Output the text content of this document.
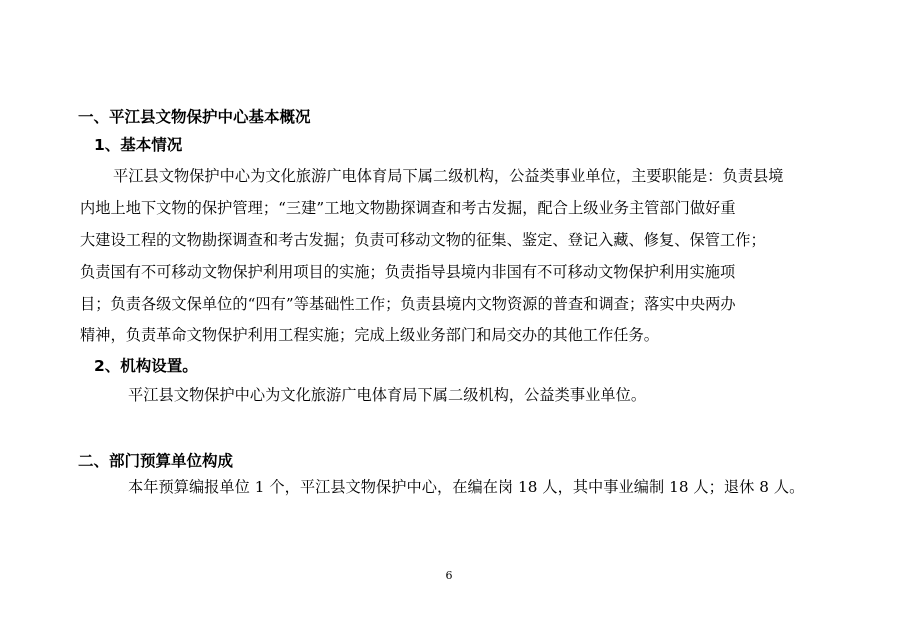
一、平江县文物保护中心基本概况
1、基本情况
平江县文物保护中心为文化旅游广电体育局下属二级机构，公益类事业单位，主要职能是：负责县境
内地上地下文物的保护管理；“三建”工地文物勘探调查和考古发掘，配合上级业务主管部门做好重
大建设工程的文物勘探调查和考古发掘；负责可移动文物的征集、鉴定、登记入藏、修复、保管工作；
负责国有不可移动文物保护利用项目的实施；负责指导县境内非国有不可移动文物保护利用实施项
目；负责各级文保单位的“四有”等基础性工作；负责县境内文物资源的普查和调查；落实中央两办
精神，负责革命文物保护利用工程实施；完成上级业务部门和局交办的其他工作任务。
2、机构设置。
平江县文物保护中心为文化旅游广电体育局下属二级机构，公益类事业单位。
二、部门预算单位构成
本年预算编报单位 1 个，平江县文物保护中心，在编在岗 18 人，其中事业编制 18 人；退休 8 人。
6
